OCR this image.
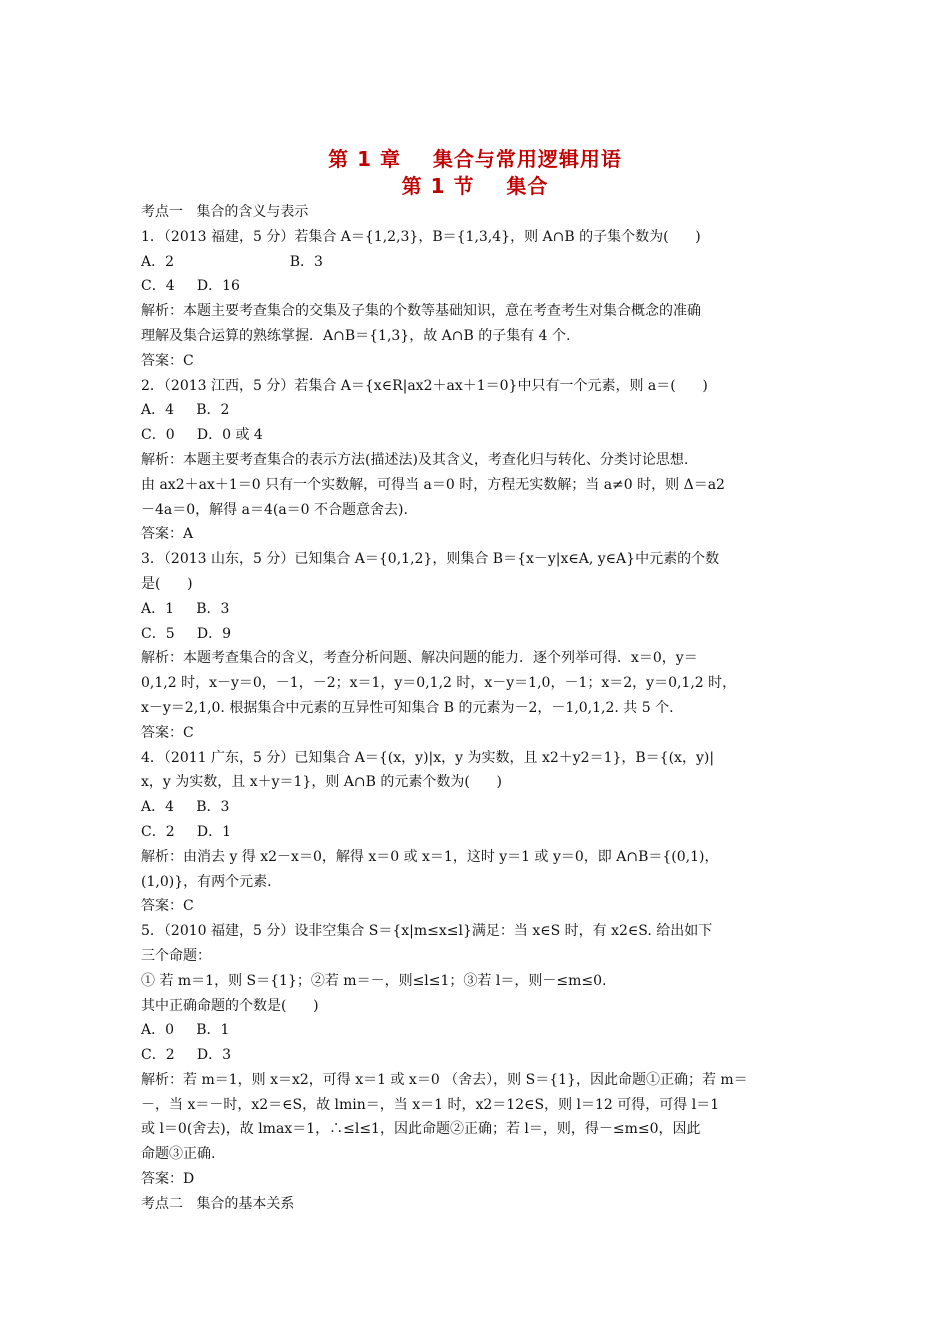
第 1 章    集合与常用逻辑用语
第 1 节    集合
考点一   集合的含义与表示
1．（2013 福建，5 分）若集合 A＝{1,2,3}，B＝{1,3,4}，则 A∩B 的子集个数为(      )
A．2                          B．3
C．4     D．16
解析：本题主要考查集合的交集及子集的个数等基础知识，意在考查考生对集合概念的准确
理解及集合运算的熟练掌握．A∩B＝{1,3}，故 A∩B 的子集有 4 个.
答案：C
2．（2013 江西，5 分）若集合 A＝{x∈R|ax2＋ax＋1＝0}中只有一个元素，则 a＝(      )
A．4     B．2
C．0     D．0 或 4
解析：本题主要考查集合的表示方法(描述法)及其含义，考查化归与转化、分类讨论思想.
由 ax2＋ax＋1＝0 只有一个实数解，可得当 a＝0 时，方程无实数解；当 a≠0 时，则 Δ＝a2
－4a＝0，解得 a＝4(a＝0 不合题意舍去).
答案：A
3．（2013 山东，5 分）已知集合 A＝{0,1,2}，则集合 B＝{x－y|x∈A, y∈A}中元素的个数
是(      )
A．1     B．3
C．5     D．9
解析：本题考查集合的含义，考查分析问题、解决问题的能力．逐个列举可得．x＝0，y＝
0,1,2 时，x－y＝0，－1，－2；x＝1，y＝0,1,2 时，x－y＝1,0，－1；x＝2，y＝0,1,2 时，
x－y＝2,1,0. 根据集合中元素的互异性可知集合 B 的元素为－2，－1,0,1,2. 共 5 个.
答案：C
4．（2011 广东，5 分）已知集合 A＝{(x，y)|x，y 为实数，且 x2＋y2＝1}，B＝{(x，y)|
x，y 为实数，且 x＋y＝1}，则 A∩B 的元素个数为(      )
A．4     B．3
C．2     D．1
解析：由消去 y 得 x2－x＝0，解得 x＝0 或 x＝1，这时 y＝1 或 y＝0，即 A∩B＝{(0,1)，
(1,0)}，有两个元素.
答案：C
5．（2010 福建，5 分）设非空集合 S＝{x|m≤x≤l}满足：当 x∈S 时，有 x2∈S. 给出如下
三个命题：
① 若 m＝1，则 S＝{1}；②若 m＝－，则≤l≤1；③若 l＝，则－≤m≤0.
其中正确命题的个数是(      )
A．0     B．1
C．2     D．3
解析：若 m＝1，则 x＝x2，可得 x＝1 或 x＝0 （舍去），则 S＝{1}，因此命题①正确；若 m＝
－，当 x＝－时，x2＝∈S，故 lmin＝，当 x＝1 时，x2＝12∈S，则 l＝12 可得，可得 l＝1
或 l＝0(舍去)，故 lmax＝1，∴≤l≤1，因此命题②正确；若 l＝，则，得－≤m≤0，因此
命题③正确.
答案：D
考点二   集合的基本关系
